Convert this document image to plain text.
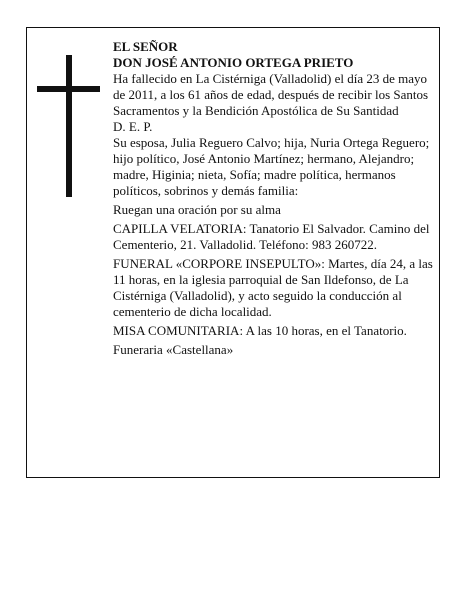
EL SEÑOR

DON JOSÉ ANTONIO ORTEGA PRIETO

Ha fallecido en La Cistérniga (Valladolid) el día 23 de mayo de 2011, a los 61 años de edad, después de recibir los Santos Sacramentos y la Bendición Apostólica de Su Santidad

D. E. P.

Su esposa, Julia Reguero Calvo; hija, Nuria Ortega Reguero; hijo político, José Antonio Martínez; hermano, Alejandro; madre, Higinia; nieta, Sofía; madre política, hermanos políticos, sobrinos y demás familia:

Ruegan una oración por su alma

CAPILLA VELATORIA: Tanatorio El Salvador. Camino del Cementerio, 21. Valladolid. Teléfono: 983 260722.

FUNERAL «CORPORE INSEPULTO»: Martes, día 24, a las 11 horas, en la iglesia parroquial de San Ildefonso, de La Cistérniga (Valladolid), y acto seguido la conducción al cementerio de dicha localidad.

MISA COMUNITARIA: A las 10 horas, en el Tanatorio.

Funeraria «Castellana»
